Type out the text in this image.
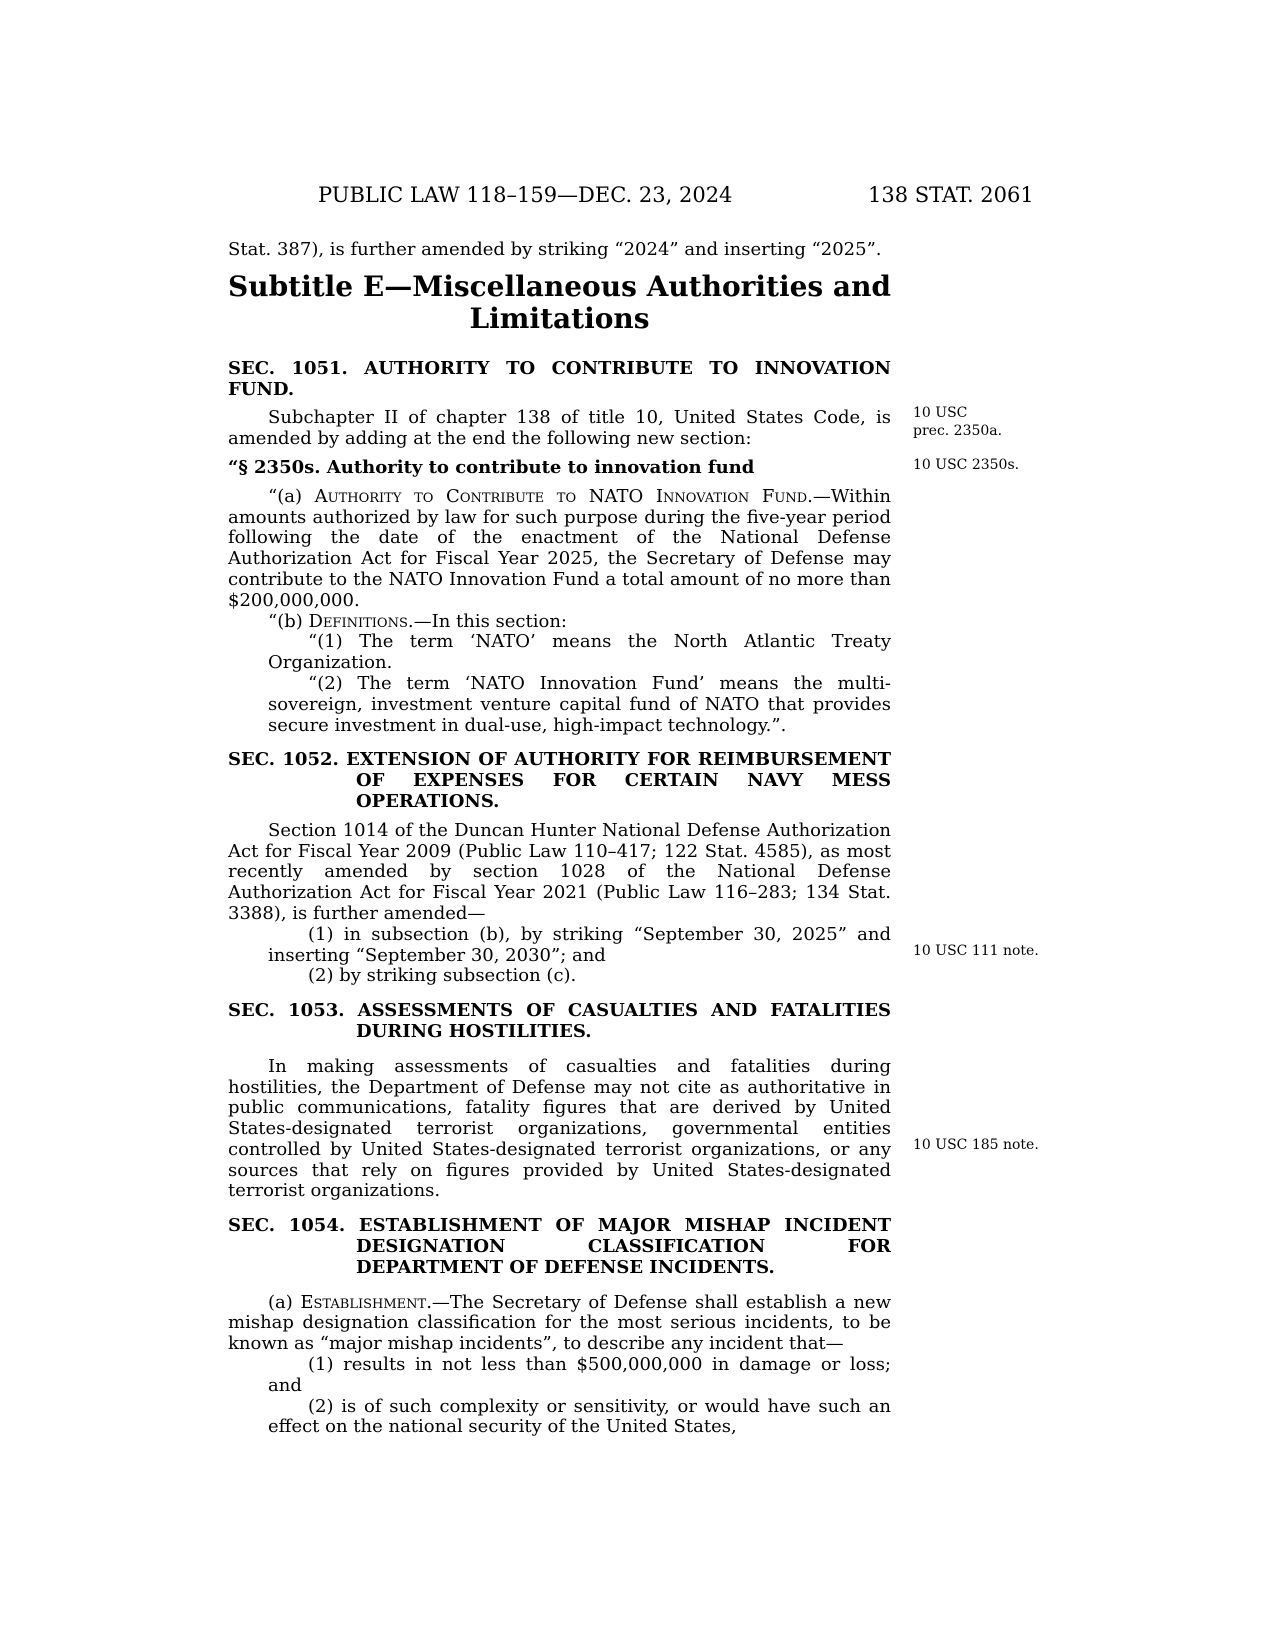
PUBLIC LAW 118–159—DEC. 23, 2024	138 STAT. 2061

Stat. 387), is further amended by striking “2024” and inserting “2025”.

Subtitle E—Miscellaneous Authorities and
Limitations

SEC. 1051. AUTHORITY TO CONTRIBUTE TO INNOVATION FUND.

Subchapter II of chapter 138 of title 10, United States Code, is amended by adding at the end the following new section:

“§ 2350s. Authority to contribute to innovation fund

“(a) Authority to Contribute to NATO Innovation Fund.—Within amounts authorized by law for such purpose during the five-year period following the date of the enactment of the National Defense Authorization Act for Fiscal Year 2025, the Secretary of Defense may contribute to the NATO Innovation Fund a total amount of no more than $200,000,000.

“(b) Definitions.—In this section:

“(1) The term ‘NATO’ means the North Atlantic Treaty Organization.

“(2) The term ‘NATO Innovation Fund’ means the multi-sovereign, investment venture capital fund of NATO that provides secure investment in dual-use, high-impact technology.”.

SEC. 1052. EXTENSION OF AUTHORITY FOR REIMBURSEMENT OF EXPENSES FOR CERTAIN NAVY MESS OPERATIONS.

Section 1014 of the Duncan Hunter National Defense Authorization Act for Fiscal Year 2009 (Public Law 110–417; 122 Stat. 4585), as most recently amended by section 1028 of the National Defense Authorization Act for Fiscal Year 2021 (Public Law 116–283; 134 Stat. 3388), is further amended—

(1) in subsection (b), by striking “September 30, 2025” and inserting “September 30, 2030”; and

(2) by striking subsection (c).

SEC. 1053. ASSESSMENTS OF CASUALTIES AND FATALITIES DURING HOSTILITIES.

In making assessments of casualties and fatalities during hostilities, the Department of Defense may not cite as authoritative in public communications, fatality figures that are derived by United States-designated terrorist organizations, governmental entities controlled by United States-designated terrorist organizations, or any sources that rely on figures provided by United States-designated terrorist organizations.

SEC. 1054. ESTABLISHMENT OF MAJOR MISHAP INCIDENT DESIGNATION CLASSIFICATION FOR DEPARTMENT OF DEFENSE INCIDENTS.

(a) Establishment.—The Secretary of Defense shall establish a new mishap designation classification for the most serious incidents, to be known as “major mishap incidents”, to describe any incident that—

(1) results in not less than $500,000,000 in damage or loss; and

(2) is of such complexity or sensitivity, or would have such an effect on the national security of the United States,

10 USC
prec. 2350a.
10 USC 2350s.
10 USC 111 note.
10 USC 185 note.
